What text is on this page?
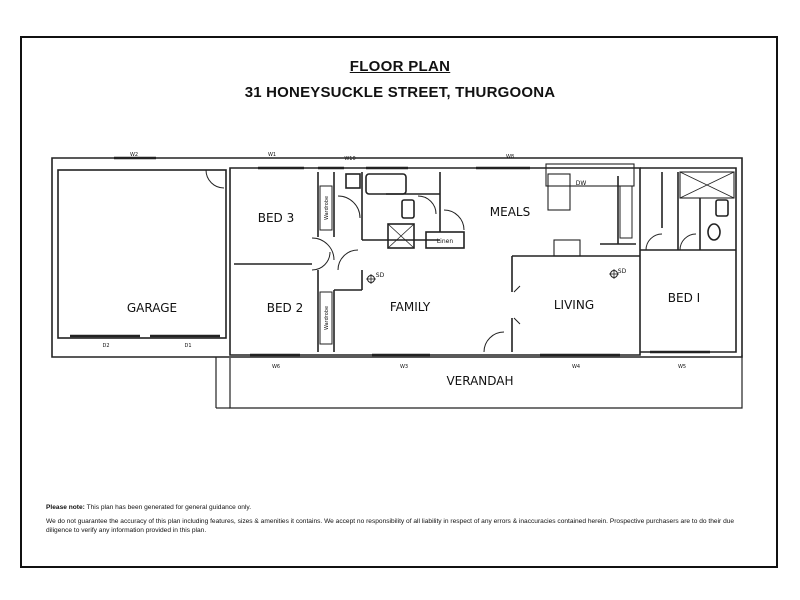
FLOOR PLAN
31 HONEYSUCKLE STREET, THURGOONA
GARAGE
BED 3
BED 2	FAMILY
MEALS
LIVING	BED I
VERANDAH
Linen
Wardrobe
Wardrobe
DW
SD
SD
W2	W1
W10	W8
W6	W3	W4	W5
D2	D1
Please note: This plan has been generated for general guidance only.
We do not guarantee the accuracy of this plan including features, sizes & amenities it contains. We accept no responsibility of all liability in respect of any errors & inaccuracies contained herein. Prospective purchasers are to do their due diligence to verify any information provided in this plan.
